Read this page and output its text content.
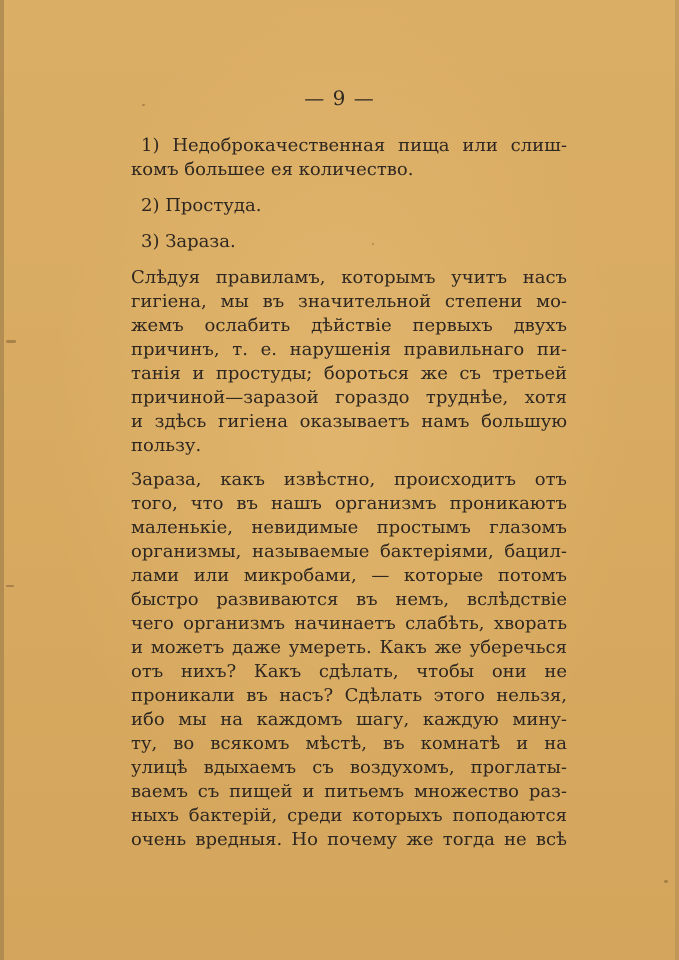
— 9 —
1) Недоброкачественная пища или слиш-
комъ большее ея количество.
2) Простуда.
3) Зараза.
Слѣдуя правиламъ, которымъ учитъ насъ
гигiена, мы въ значительной степени мо-
жемъ ослабить дѣйствiе первыхъ двухъ
причинъ, т. е. нарушенiя правильнаго пи-
танiя и простуды; бороться же съ третьей
причиной—заразой гораздо труднѣе, хотя
и здѣсь гигiена оказываетъ намъ большую
пользу.
Зараза, какъ извѣстно, происходитъ отъ
того, что въ нашъ организмъ проникаютъ
маленькiе, невидимые простымъ глазомъ
организмы, называемые бактерiями, бацил-
лами или микробами, — которые потомъ
быстро развиваются въ немъ, вслѣдствiе
чего организмъ начинаетъ слабѣть, хворать
и можетъ даже умереть. Какъ же уберечься
отъ нихъ? Какъ сдѣлать, чтобы они не
проникали въ насъ? Сдѣлать этого нельзя,
ибо мы на каждомъ шагу, каждую мину-
ту, во всякомъ мѣстѣ, въ комнатѣ и на
улицѣ вдыхаемъ съ воздухомъ, проглаты-
ваемъ съ пищей и питьемъ множество раз-
ныхъ бактерiй, среди которыхъ поподаются
очень вредныя. Но почему же тогда не всѣ
